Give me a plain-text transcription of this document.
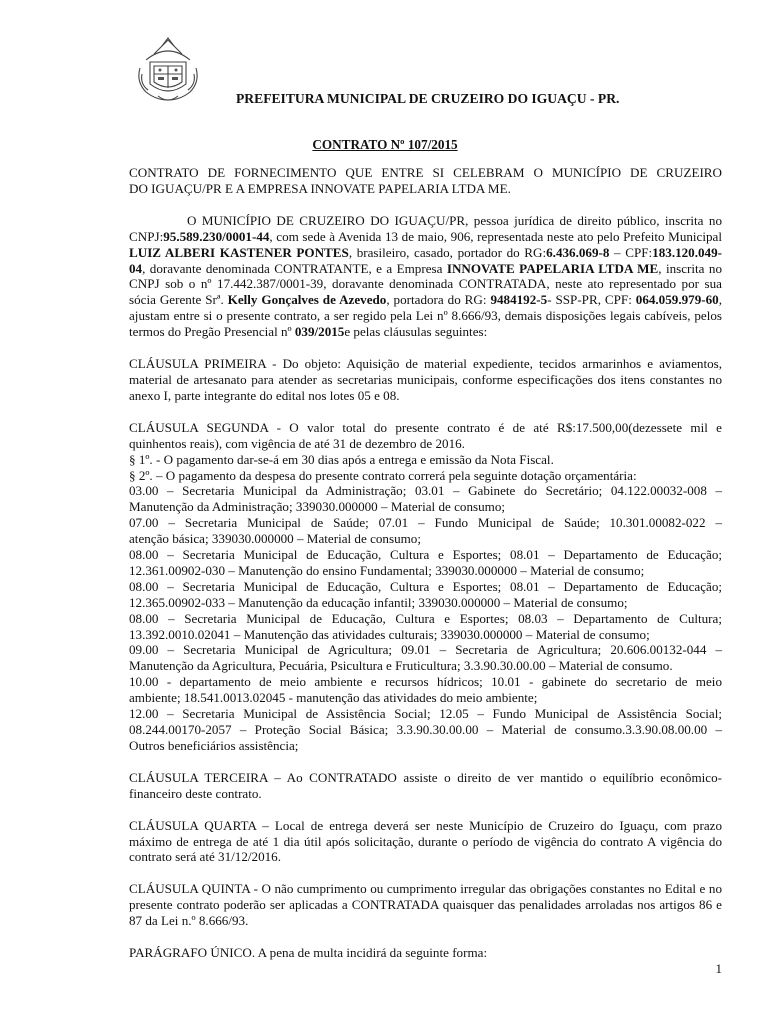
PREFEITURA MUNICIPAL DE CRUZEIRO DO IGUAÇU - PR.
CONTRATO Nº 107/2015

CONTRATO DE FORNECIMENTO QUE ENTRE SI CELEBRAM O MUNICÍPIO DE CRUZEIRO
DO IGUAÇU/PR E A EMPRESA INNOVATE PAPELARIA LTDA ME.

O MUNICÍPIO DE CRUZEIRO DO IGUAÇU/PR, pessoa jurídica de direito público, inscrita no CNPJ:95.589.230/0001-44, com sede à Avenida 13 de maio, 906, representada neste ato pelo Prefeito Municipal LUIZ ALBERI KASTENER PONTES, brasileiro, casado, portador do RG:6.436.069-8 – CPF:183.120.049-04, doravante denominada CONTRATANTE, e a Empresa INNOVATE PAPELARIA LTDA ME, inscrita no CNPJ sob o nº 17.442.387/0001-39, doravante denominada CONTRATADA, neste ato representado por sua sócia Gerente Srª. Kelly Gonçalves de Azevedo, portadora do RG: 9484192-5- SSP-PR, CPF: 064.059.979-60, ajustam entre si o presente contrato, a ser regido pela Lei nº 8.666/93, demais disposições legais cabíveis, pelos termos do Pregão Presencial nº 039/2015e pelas cláusulas seguintes:

CLÁUSULA PRIMEIRA - Do objeto: Aquisição de material expediente, tecidos armarinhos e aviamentos, material de artesanato para atender as secretarias municipais, conforme especificações dos itens constantes no anexo I, parte integrante do edital nos lotes 05 e 08.

CLÁUSULA SEGUNDA - O valor total do presente contrato é de até R$:17.500,00(dezessete mil e
quinhentos reais), com vigência de até 31 de dezembro de 2016.
§ 1º. - O pagamento dar-se-á em 30 dias após a entrega e emissão da Nota Fiscal.
§ 2º. – O pagamento da despesa do presente contrato correrá pela seguinte dotação orçamentária:
03.00 – Secretaria Municipal da Administração; 03.01 – Gabinete do Secretário; 04.122.00032-008 –
Manutenção da Administração; 339030.000000 – Material de consumo;
07.00 – Secretaria Municipal de Saúde; 07.01 – Fundo Municipal de Saúde; 10.301.00082-022 –
atenção básica; 339030.000000 – Material de consumo;
08.00 – Secretaria Municipal de Educação, Cultura e Esportes; 08.01 – Departamento de Educação;
12.361.00902-030 – Manutenção do ensino Fundamental; 339030.000000 – Material de consumo;
08.00 – Secretaria Municipal de Educação, Cultura e Esportes; 08.01 – Departamento de Educação;
12.365.00902-033 – Manutenção da educação infantil; 339030.000000 – Material de consumo;
08.00 – Secretaria Municipal de Educação, Cultura e Esportes; 08.03 – Departamento de Cultura;
13.392.0010.02041 – Manutenção das atividades culturais; 339030.000000 – Material de consumo;
09.00 – Secretaria Municipal de Agricultura; 09.01 – Secretaria de Agricultura; 20.606.00132-044 –
Manutenção da Agricultura, Pecuária, Psicultura e Fruticultura; 3.3.90.30.00.00 – Material de consumo.
10.00 - departamento de meio ambiente e recursos hídricos; 10.01 - gabinete do secretario de meio
ambiente; 18.541.0013.02045 - manutenção das atividades do meio ambiente;
12.00 – Secretaria Municipal de Assistência Social; 12.05 – Fundo Municipal de Assistência Social;
08.244.00170-2057 – Proteção Social Básica; 3.3.90.30.00.00 – Material de consumo.3.3.90.08.00.00 –
Outros beneficiários assistência;

CLÁUSULA TERCEIRA – Ao CONTRATADO assiste o direito de ver mantido o equilíbrio econômico-financeiro deste contrato.

CLÁUSULA QUARTA – Local de entrega deverá ser neste Município de Cruzeiro do Iguaçu, com prazo máximo de entrega de até 1 dia útil após solicitação, durante o período de vigência do contrato A vigência do contrato será até 31/12/2016.

CLÁUSULA QUINTA - O não cumprimento ou cumprimento irregular das obrigações constantes no Edital e no presente contrato poderão ser aplicadas a CONTRATADA quaisquer das penalidades arroladas nos artigos 86 e 87 da Lei n.º 8.666/93.

PARÁGRAFO ÚNICO. A pena de multa incidirá da seguinte forma:

1
